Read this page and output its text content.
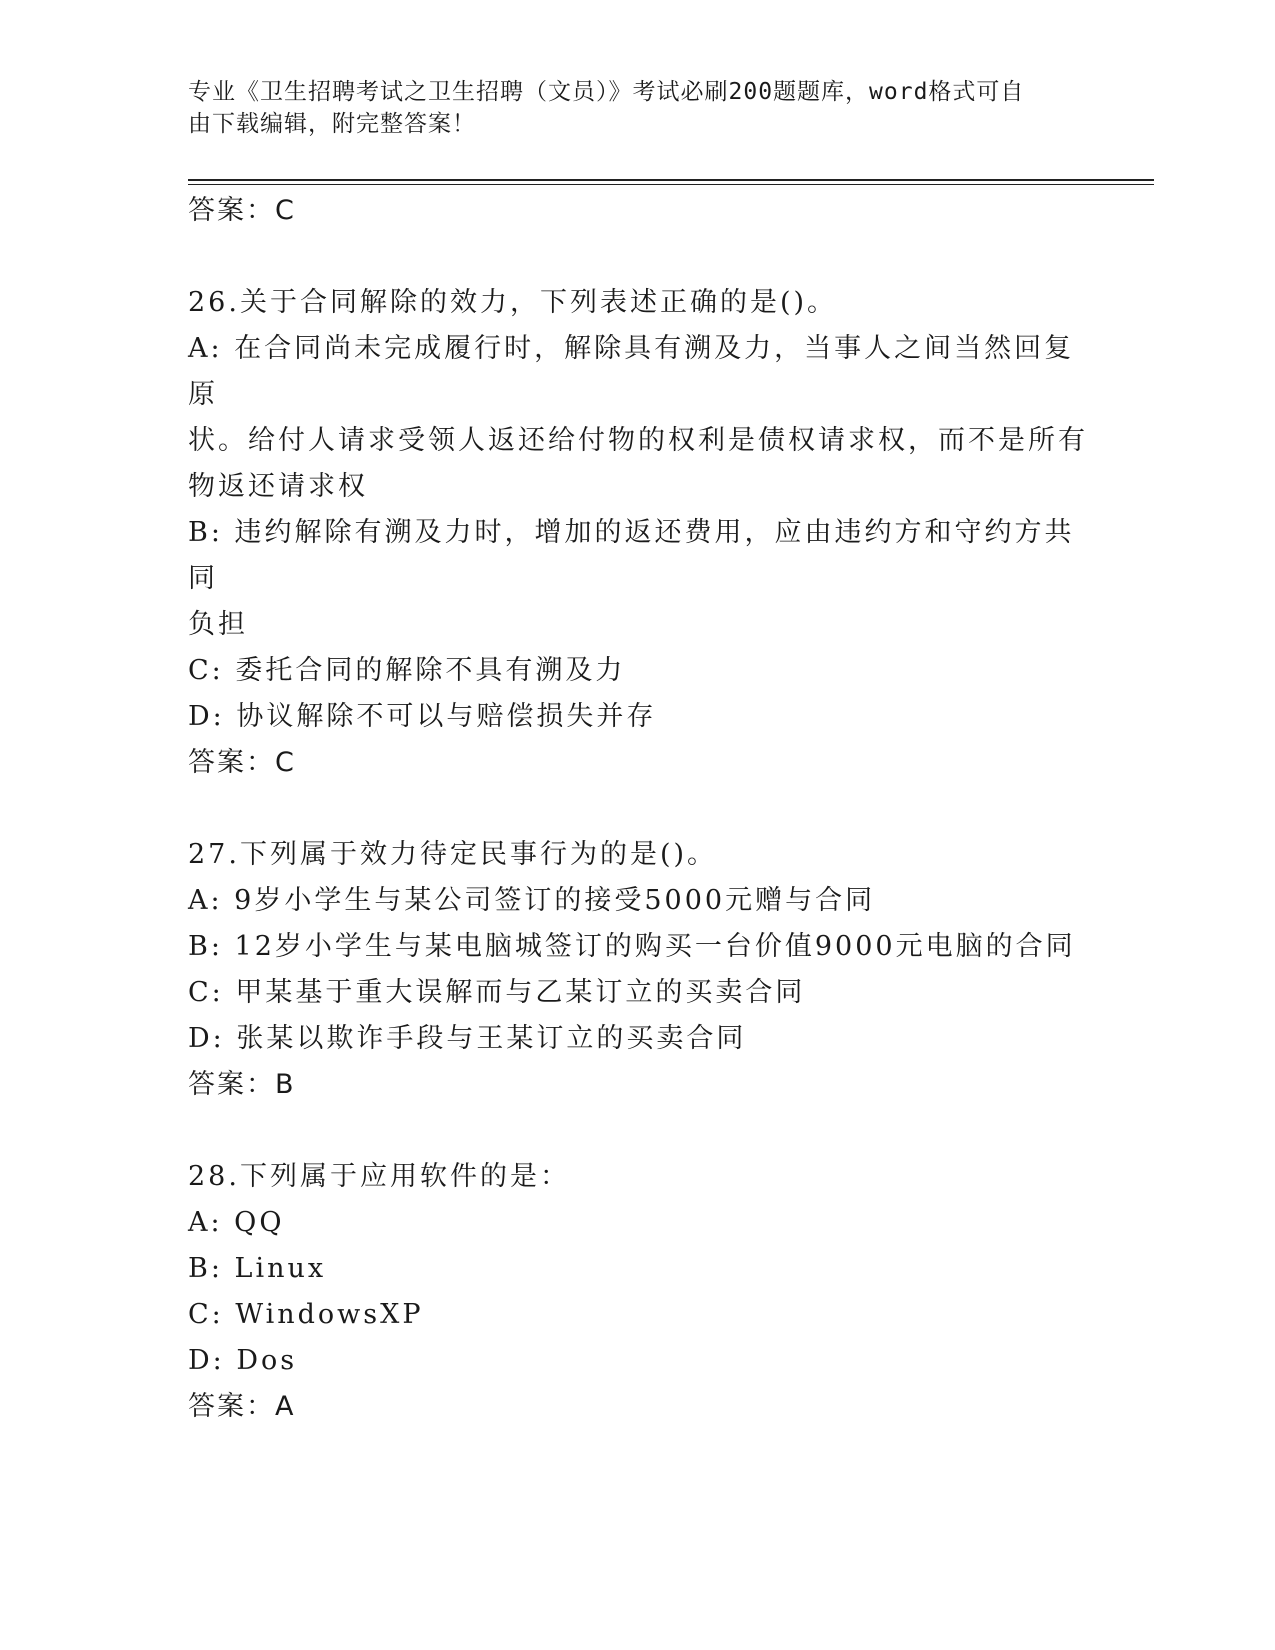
专业《卫生招聘考试之卫生招聘（文员）》考试必刷200题题库，word格式可自
由下载编辑，附完整答案！
答案：C
26.关于合同解除的效力，下列表述正确的是()。
A: 在合同尚未完成履行时，解除具有溯及力，当事人之间当然回复原
状。给付人请求受领人返还给付物的权利是债权请求权，而不是所有
物返还请求权
B: 违约解除有溯及力时，增加的返还费用，应由违约方和守约方共同
负担
C: 委托合同的解除不具有溯及力
D: 协议解除不可以与赔偿损失并存
答案：C
27.下列属于效力待定民事行为的是()。
A: 9岁小学生与某公司签订的接受5000元赠与合同
B: 12岁小学生与某电脑城签订的购买一台价值9000元电脑的合同
C: 甲某基于重大误解而与乙某订立的买卖合同
D: 张某以欺诈手段与王某订立的买卖合同
答案：B
28.下列属于应用软件的是：
A: QQ
B: Linux
C: WindowsXP
D: Dos
答案：A
